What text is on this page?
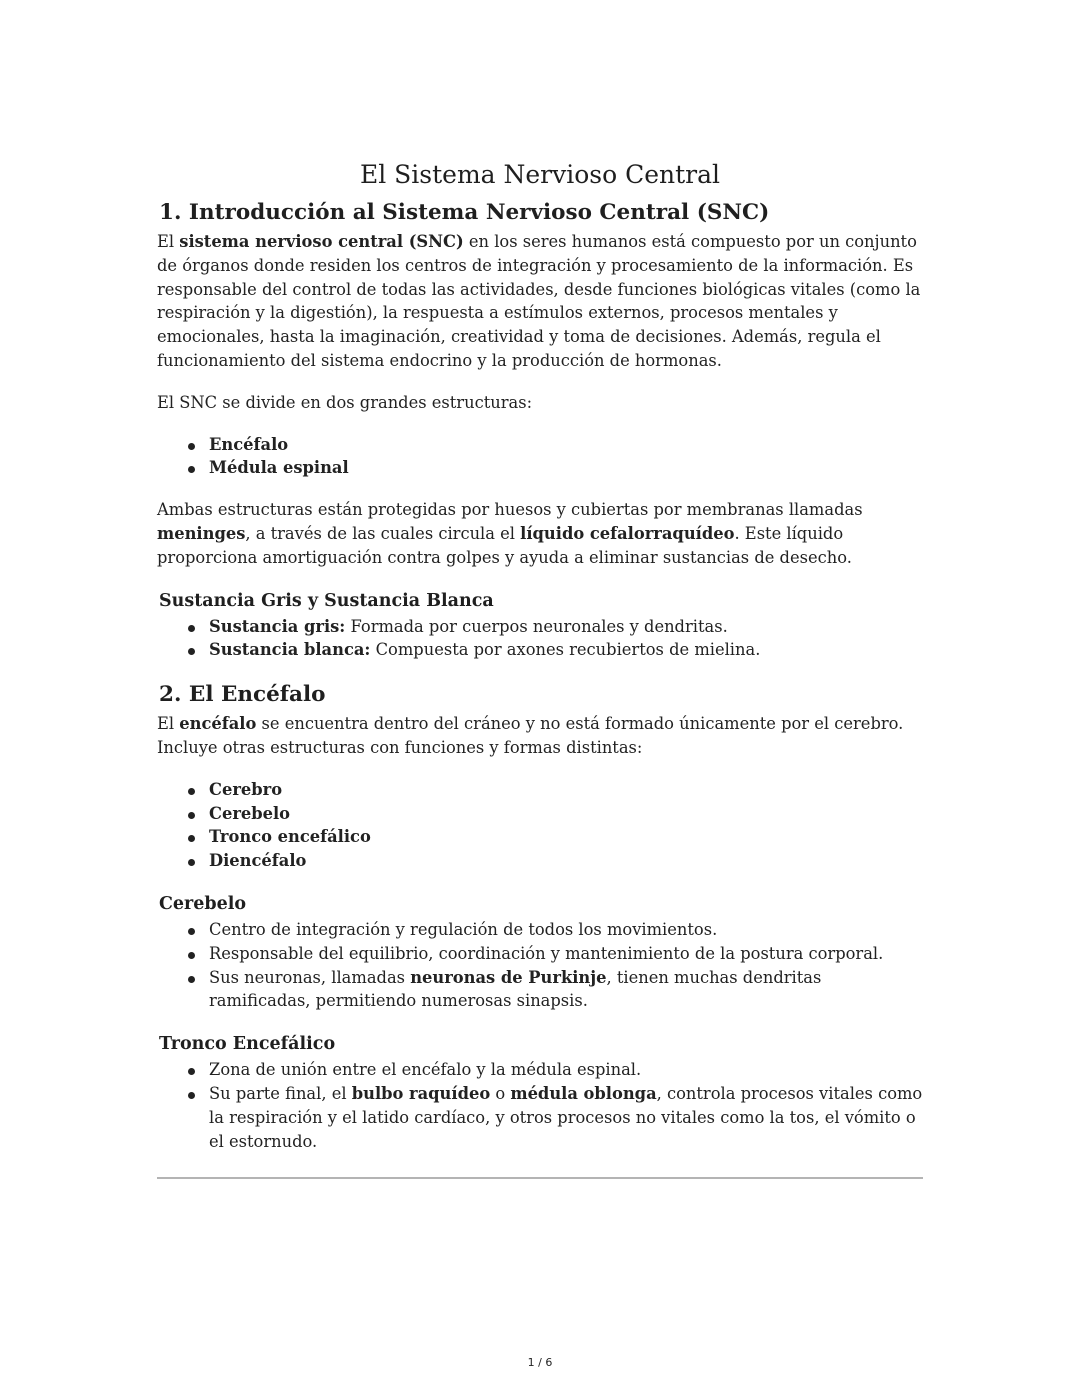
El Sistema Nervioso Central
1. Introducción al Sistema Nervioso Central (SNC)

El sistema nervioso central (SNC) en los seres humanos está compuesto por un conjunto de órganos donde residen los centros de integración y procesamiento de la información. Es responsable del control de todas las actividades, desde funciones biológicas vitales (como la respiración y la digestión), la respuesta a estímulos externos, procesos mentales y emocionales, hasta la imaginación, creatividad y toma de decisiones. Además, regula el funcionamiento del sistema endocrino y la producción de hormonas.

El SNC se divide en dos grandes estructuras:

Encéfalo
Médula espinal

Ambas estructuras están protegidas por huesos y cubiertas por membranas llamadas meninges, a través de las cuales circula el líquido cefalorraquídeo. Este líquido proporciona amortiguación contra golpes y ayuda a eliminar sustancias de desecho.

Sustancia Gris y Sustancia Blanca
Sustancia gris: Formada por cuerpos neuronales y dendritas.
Sustancia blanca: Compuesta por axones recubiertos de mielina.
2. El Encéfalo

El encéfalo se encuentra dentro del cráneo y no está formado únicamente por el cerebro. Incluye otras estructuras con funciones y formas distintas:

Cerebro
Cerebelo
Tronco encefálico
Diencéfalo
Cerebelo
Centro de integración y regulación de todos los movimientos.
Responsable del equilibrio, coordinación y mantenimiento de la postura corporal.
Sus neuronas, llamadas neuronas de Purkinje, tienen muchas dendritas ramificadas, permitiendo numerosas sinapsis.
Tronco Encefálico
Zona de unión entre el encéfalo y la médula espinal.
Su parte final, el bulbo raquídeo o médula oblonga, controla procesos vitales como la respiración y el latido cardíaco, y otros procesos no vitales como la tos, el vómito o el estornudo.
1 / 6
